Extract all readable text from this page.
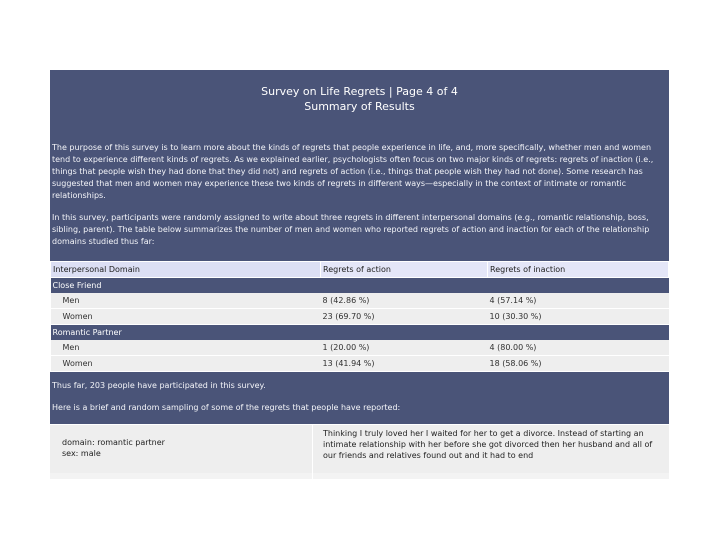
Survey on Life Regrets | Page 4 of 4
Summary of Results

The purpose of this survey is to learn more about the kinds of regrets that people experience in life, and, more specifically, whether men and women tend to experience different kinds of regrets. As we explained earlier, psychologists often focus on two major kinds of regrets: regrets of inaction (i.e., things that people wish they had done that they did not) and regrets of action (i.e., things that people wish they had not done). Some research has suggested that men and women may experience these two kinds of regrets in different ways—especially in the context of intimate or romantic relationships.

In this survey, participants were randomly assigned to write about three regrets in different interpersonal domains (e.g., romantic relationship, boss, sibling, parent). The table below summarizes the number of men and women who reported regrets of action and inaction for each of the relationship domains studied thus far:

Interpersonal Domain	Regrets of action	Regrets of inaction
Close Friend		
Men	8 (42.86 %)	4 (57.14 %)
Women	23 (69.70 %)	10 (30.30 %)
Romantic Partner		
Men	1 (20.00 %)	4 (80.00 %)
Women	13 (41.94 %)	18 (58.06 %)

Thus far, 203 people have participated in this survey.

Here is a brief and random sampling of some of the regrets that people have reported:

domain: romantic partner
sex: male
Thinking I truly loved her I waited for her to get a divorce. Instead of starting an intimate relationship with her before she got divorced then her husband and all of our friends and relatives found out and it had to end
